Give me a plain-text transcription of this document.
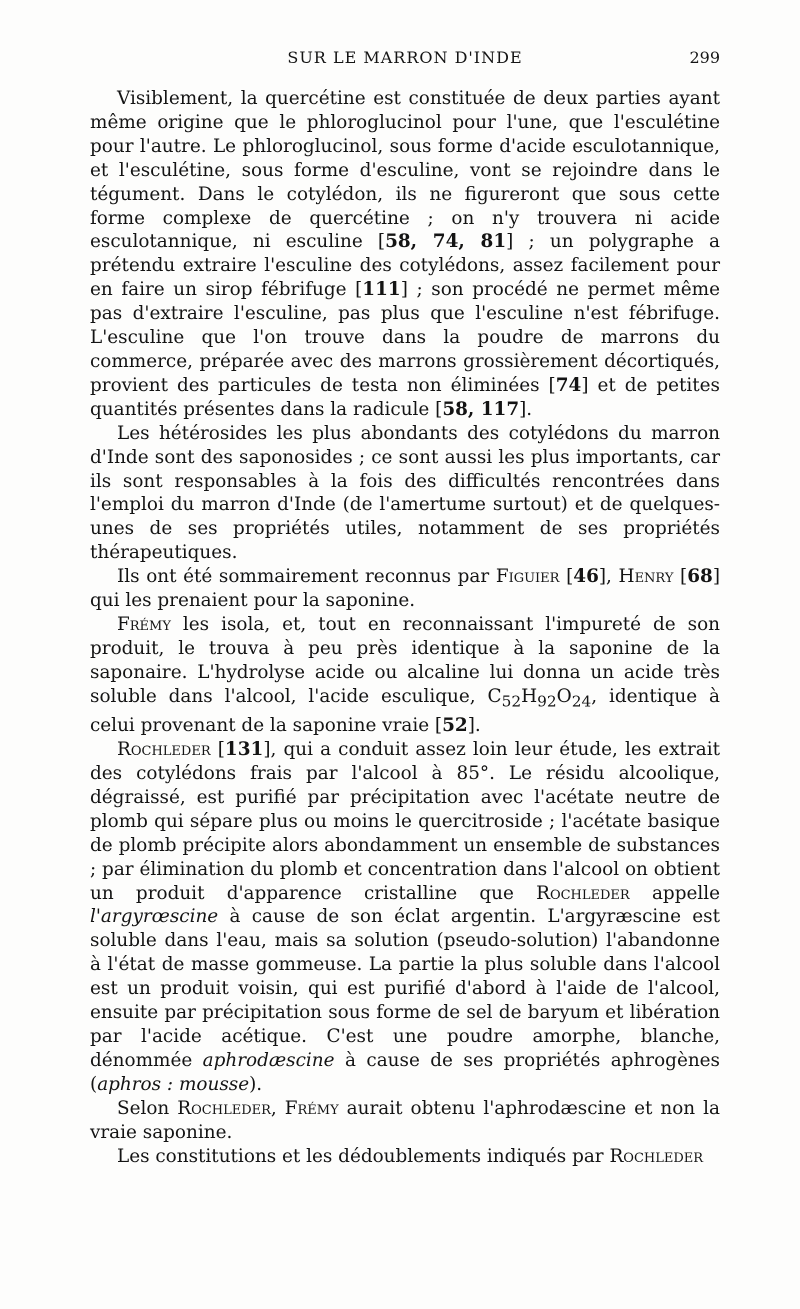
SUR LE MARRON D'INDE	299

Visiblement, la quercétine est constituée de deux parties ayant même origine que le phloroglucinol pour l'une, que l'esculétine pour l'autre. Le phloroglucinol, sous forme d'acide esculotannique, et l'esculétine, sous forme d'esculine, vont se rejoindre dans le tégument. Dans le cotylédon, ils ne figureront que sous cette forme complexe de quercétine ; on n'y trouvera ni acide esculotannique, ni esculine [58, 74, 81] ; un polygraphe a prétendu extraire l'esculine des cotylédons, assez facilement pour en faire un sirop fébrifuge [111] ; son procédé ne permet même pas d'extraire l'esculine, pas plus que l'esculine n'est fébrifuge. L'esculine que l'on trouve dans la poudre de marrons du commerce, préparée avec des marrons grossièrement décortiqués, provient des particules de testa non éliminées [74] et de petites quantités présentes dans la radicule [58, 117].

Les hétérosides les plus abondants des cotylédons du marron d'Inde sont des saponosides ; ce sont aussi les plus importants, car ils sont responsables à la fois des difficultés rencontrées dans l'emploi du marron d'Inde (de l'amertume surtout) et de quelques-unes de ses propriétés utiles, notamment de ses propriétés thérapeutiques.

Ils ont été sommairement reconnus par Figuier [46], Henry [68] qui les prenaient pour la saponine.

Frémy les isola, et, tout en reconnaissant l'impureté de son produit, le trouva à peu près identique à la saponine de la saponaire. L'hydrolyse acide ou alcaline lui donna un acide très soluble dans l'alcool, l'acide esculique, $C_{52}H_{92}O_{24}$, identique à celui provenant de la saponine vraie [52].

Rochleder [131], qui a conduit assez loin leur étude, les extrait des cotylédons frais par l'alcool à 85°. Le résidu alcoolique, dégraissé, est purifié par précipitation avec l'acétate neutre de plomb qui sépare plus ou moins le quercitroside ; l'acétate basique de plomb précipite alors abondamment un ensemble de substances ; par élimination du plomb et concentration dans l'alcool on obtient un produit d'apparence cristalline que Rochleder appelle l'argyrœscine à cause de son éclat argentin. L'argyræscine est soluble dans l'eau, mais sa solution (pseudo-solution) l'abandonne à l'état de masse gommeuse. La partie la plus soluble dans l'alcool est un produit voisin, qui est purifié d'abord à l'aide de l'alcool, ensuite par précipitation sous forme de sel de baryum et libération par l'acide acétique. C'est une poudre amorphe, blanche, dénommée aphrodæscine à cause de ses propriétés aphrogènes (aphros : mousse).

Selon Rochleder, Frémy aurait obtenu l'aphrodæscine et non la vraie saponine.

Les constitutions et les dédoublements indiqués par Rochleder
